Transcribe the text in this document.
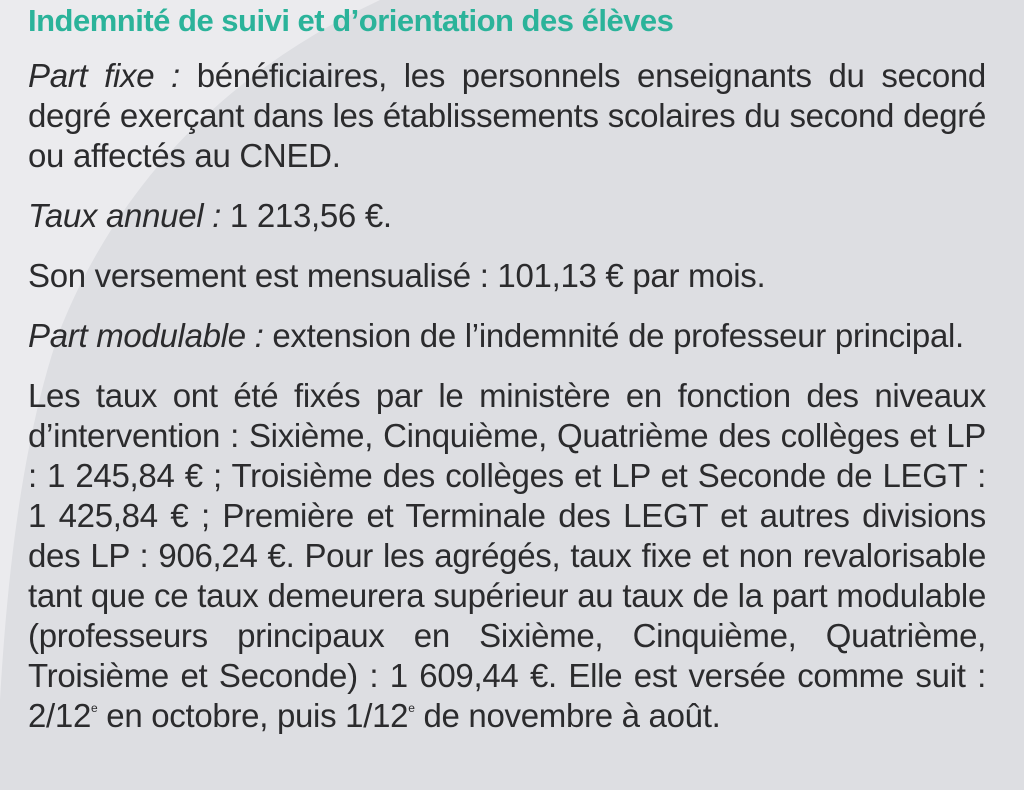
Indemnité de suivi et d’orientation des élèves

Part fixe : bénéficiaires, les personnels enseignants du second degré exerçant dans les établissements scolaires du second degré ou affectés au CNED.

Taux annuel : 1 213,56 €.

Son versement est mensualisé : 101,13 € par mois.

Part modulable : extension de l’indemnité de professeur principal.

Les taux ont été fixés par le ministère en fonction des niveaux d’intervention : Sixième, Cinquième, Quatrième des collèges et LP : 1 245,84 € ; Troisième des collèges et LP et Seconde de LEGT : 1 425,84 € ; Première et Terminale des LEGT et autres divisions des LP : 906,24 €. Pour les agrégés, taux fixe et non revalorisable tant que ce taux demeurera supérieur au taux de la part modulable (professeurs principaux en Sixième, Cinquième, Quatrième, Troisième et Seconde) : 1 609,44 €. Elle est versée comme suit : 2/12e en octobre, puis 1/12e de novembre à août.
